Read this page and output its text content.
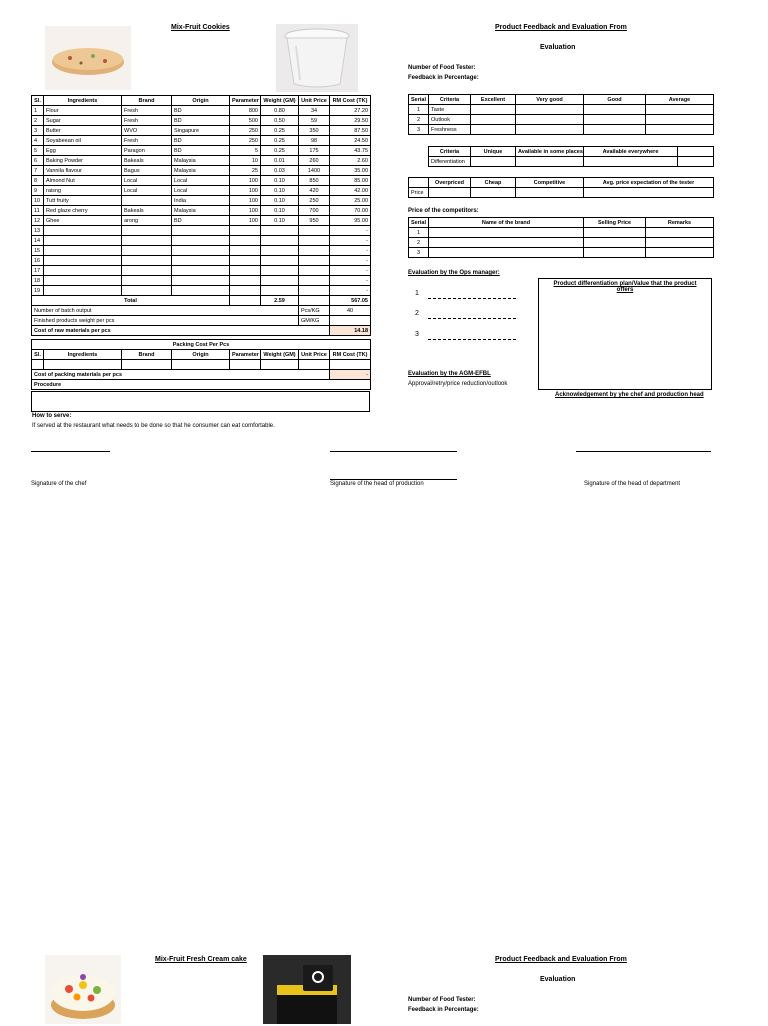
Mix-Fruit Cookies	Product Feedback and Evaluation From
Evaluation
Number of Food Tester:
Feedback in Percentage:
Sl.	Ingredients	Brand	Origin	Parameter	Weight (GM)	Unit Price	RM Cost (TK)
1	Flour	Fresh	BD	800	0.80	34	27.20
2	Sugar	Fresh	BD	500	0.50	59	29.50
3	Butter	WVO	Singapure	250	0.25	350	87.50
4	Soyabeean oil	Fresh	BD	250	0.25	98	24.50
5	Egg	Paragon	BD	5	0.25	175	43.75
6	Baking Powder	Bakeals	Malaysia	10	0.01	260	2.60
7	Vannila flavour	Bagus	Malaysia	25	0.03	1400	35.00
8	Almond Nut	Local	Local	100	0.10	850	85.00
9	raisng	Local	Local	100	0.10	420	42.00
10	Tutt fruity		India	100	0.10	250	25.00
11	Red glaze cherry	Bakeals	Malaysia	100	0.10	700	70.00
12	Ghee	arong	BD	100	0.10	950	95.00
13							-
14							-
15							-
16							-
17							-
18							-
19							-
Total					2.59		567.05
Number of batch output						Pcs/KG	40
Finished products weight per pcs						GM/KG	
Cost of raw materials per pcs							14.18
Packing Cost Per Pcs							
Sl.	Ingredients	Brand	Origin	Parameter	Weight (GM)	Unit Price	RM Cost (TK)

Cost of packing materials per pcs							-
Procedure							
How to serve:
If served at the restaurant what needs to be done so that he consumer can eat comfortable.
Serial	Criteria	Excellent	Very good	Good	Average
1	Taste				
2	Outlook				
3	Freshness				
Criteria	Unique	Available in some places	Available everywhere	
Differentiation				
	Overpriced	Cheap	Competitive	Avg. price expectation of the tester
Price				
Price of the competitors:
Serial	Name of the brand	Selling Price	Remarks
1			
2			
3			
Evaluation by the Ops manager:
1
2
3
Product differentiation plan/Value that the product offers
Evaluation by the AGM-EFBL
Approval/retry/price reduction/outlook
Acknowledgement by yhe chef and production head
Signature of the chef	Signature of the head of production	Signature of the head of department
Mix-Fruit Fresh Cream cake	Product Feedback and Evaluation From
Evaluation
Number of Food Tester:
Feedback in Percentage:
